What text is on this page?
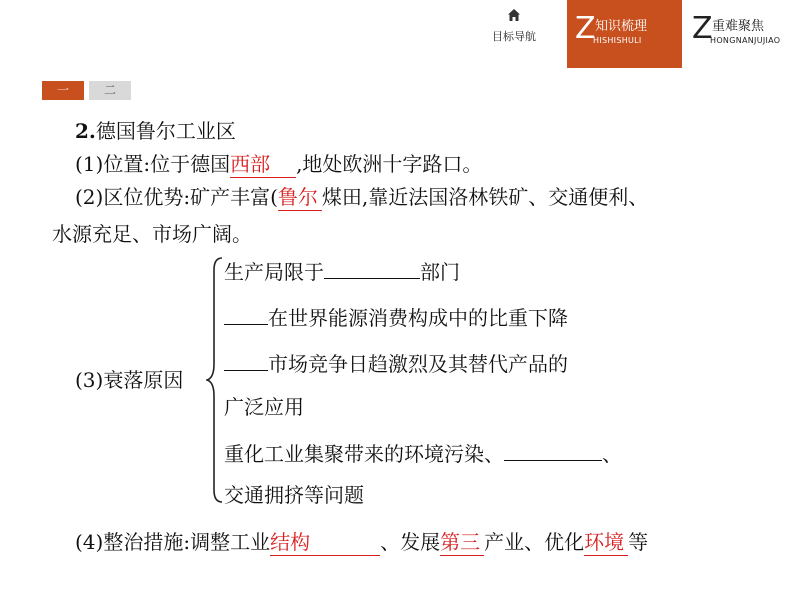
目标导航	Z 知识梳理
HISHISHULI Z 重难聚焦
HONGNANJUJIAO
一	二
2.德国鲁尔工业区
(1)位置:位于德国西部 ,地处欧洲十字路口。
(2)区位优势:矿产丰富(鲁尔 煤田,靠近法国洛林铁矿、交通便利、
水源充足、市场广阔。
(3)衰落原因
生产局限于	部门
在世界能源消费构成中的比重下降
市场竞争日趋激烈及其替代产品的
广泛应用
重化工业集聚带来的环境污染、	、
交通拥挤等问题
(4)整治措施:调整工业结构	、发展第三 产业、优化环境 等
